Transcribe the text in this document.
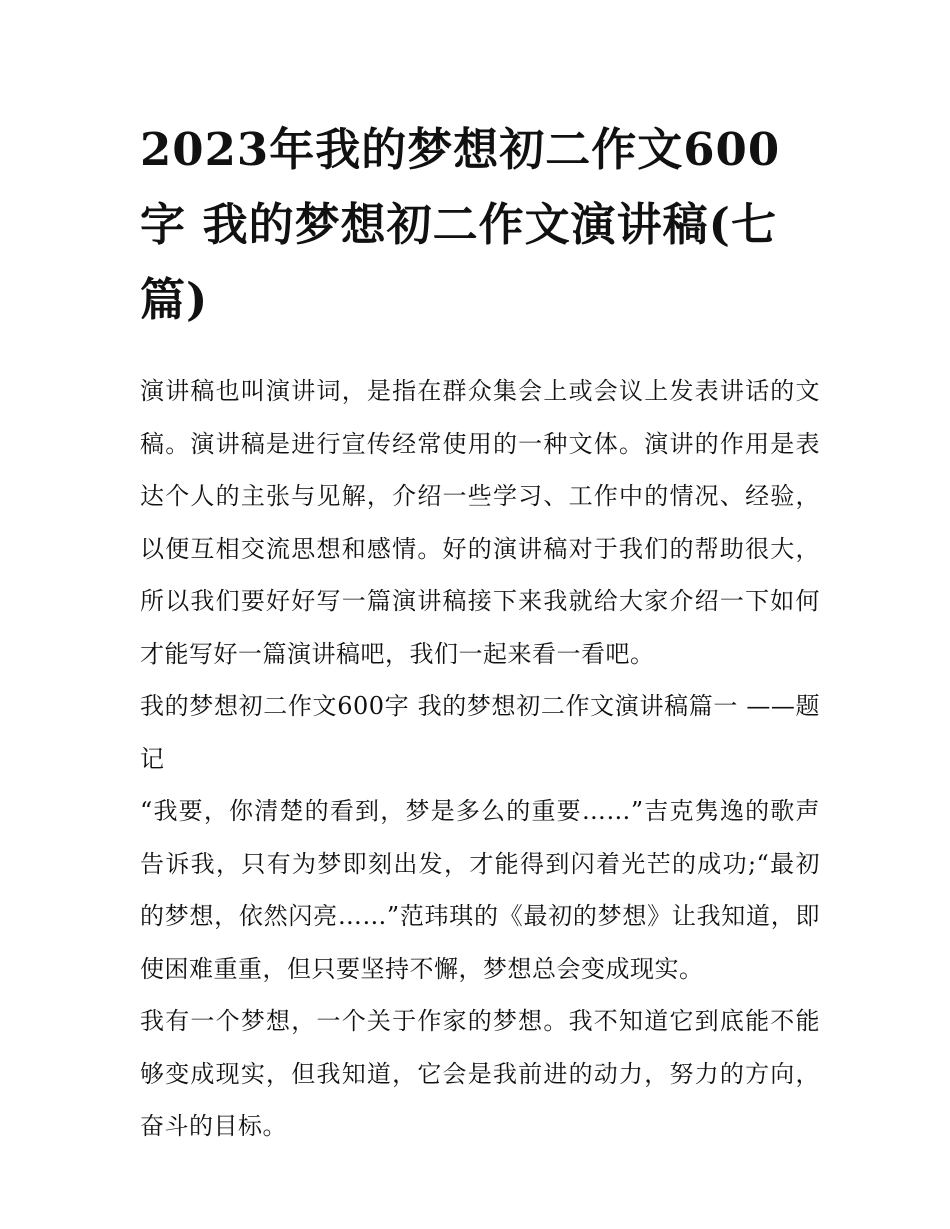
2023年我的梦想初二作文600字 我的梦想初二作文演讲稿(七篇)

演讲稿也叫演讲词，是指在群众集会上或会议上发表讲话的文稿。演讲稿是进行宣传经常使用的一种文体。演讲的作用是表达个人的主张与见解，介绍一些学习、工作中的情况、经验，以便互相交流思想和感情。好的演讲稿对于我们的帮助很大，所以我们要好好写一篇演讲稿接下来我就给大家介绍一下如何才能写好一篇演讲稿吧，我们一起来看一看吧。

我的梦想初二作文600字 我的梦想初二作文演讲稿篇一 ——题记

“我要，你清楚的看到，梦是多么的重要……”吉克隽逸的歌声告诉我，只有为梦即刻出发，才能得到闪着光芒的成功;“最初的梦想，依然闪亮……”范玮琪的《最初的梦想》让我知道，即使困难重重，但只要坚持不懈，梦想总会变成现实。

我有一个梦想，一个关于作家的梦想。我不知道它到底能不能够变成现实，但我知道，它会是我前进的动力，努力的方向，奋斗的目标。
